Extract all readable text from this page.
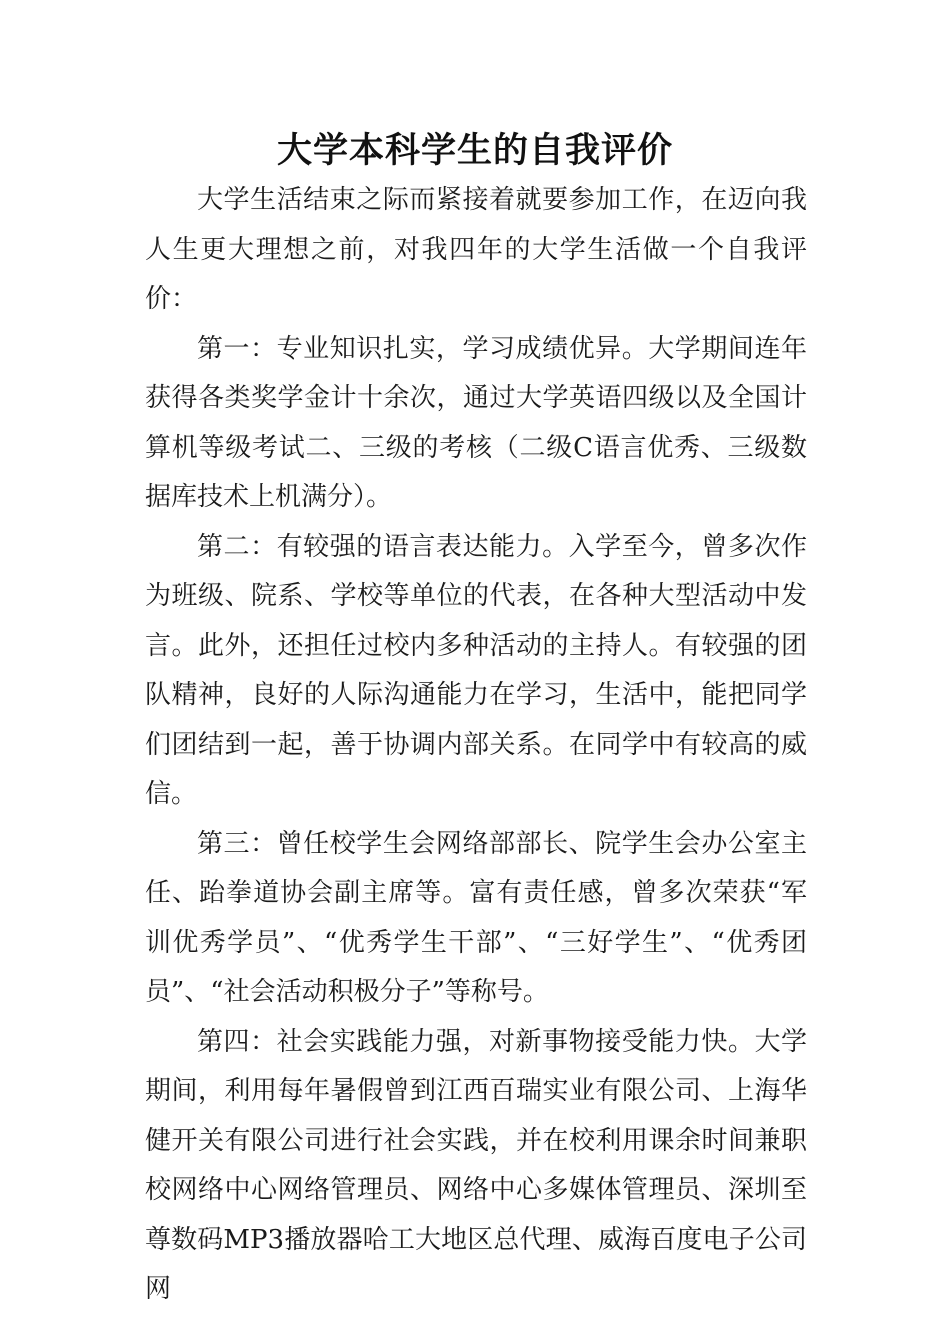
大学本科学生的自我评价

大学生活结束之际而紧接着就要参加工作，在迈向我人生更大理想之前，对我四年的大学生活做一个自我评价：

第一：专业知识扎实，学习成绩优异。大学期间连年获得各类奖学金计十余次，通过大学英语四级以及全国计算机等级考试二、三级的考核（二级C语言优秀、三级数据库技术上机满分）。

第二：有较强的语言表达能力。入学至今，曾多次作为班级、院系、学校等单位的代表，在各种大型活动中发言。此外，还担任过校内多种活动的主持人。有较强的团队精神，良好的人际沟通能力在学习，生活中，能把同学们团结到一起，善于协调内部关系。在同学中有较高的威信。

第三：曾任校学生会网络部部长、院学生会办公室主任、跆拳道协会副主席等。富有责任感，曾多次荣获“军训优秀学员”、“优秀学生干部”、“三好学生”、“优秀团员”、“社会活动积极分子”等称号。

第四：社会实践能力强，对新事物接受能力快。大学期间，利用每年暑假曾到江西百瑞实业有限公司、上海华健开关有限公司进行社会实践，并在校利用课余时间兼职校网络中心网络管理员、网络中心多媒体管理员、深圳至尊数码MP3播放器哈工大地区总代理、威海百度电子公司网
